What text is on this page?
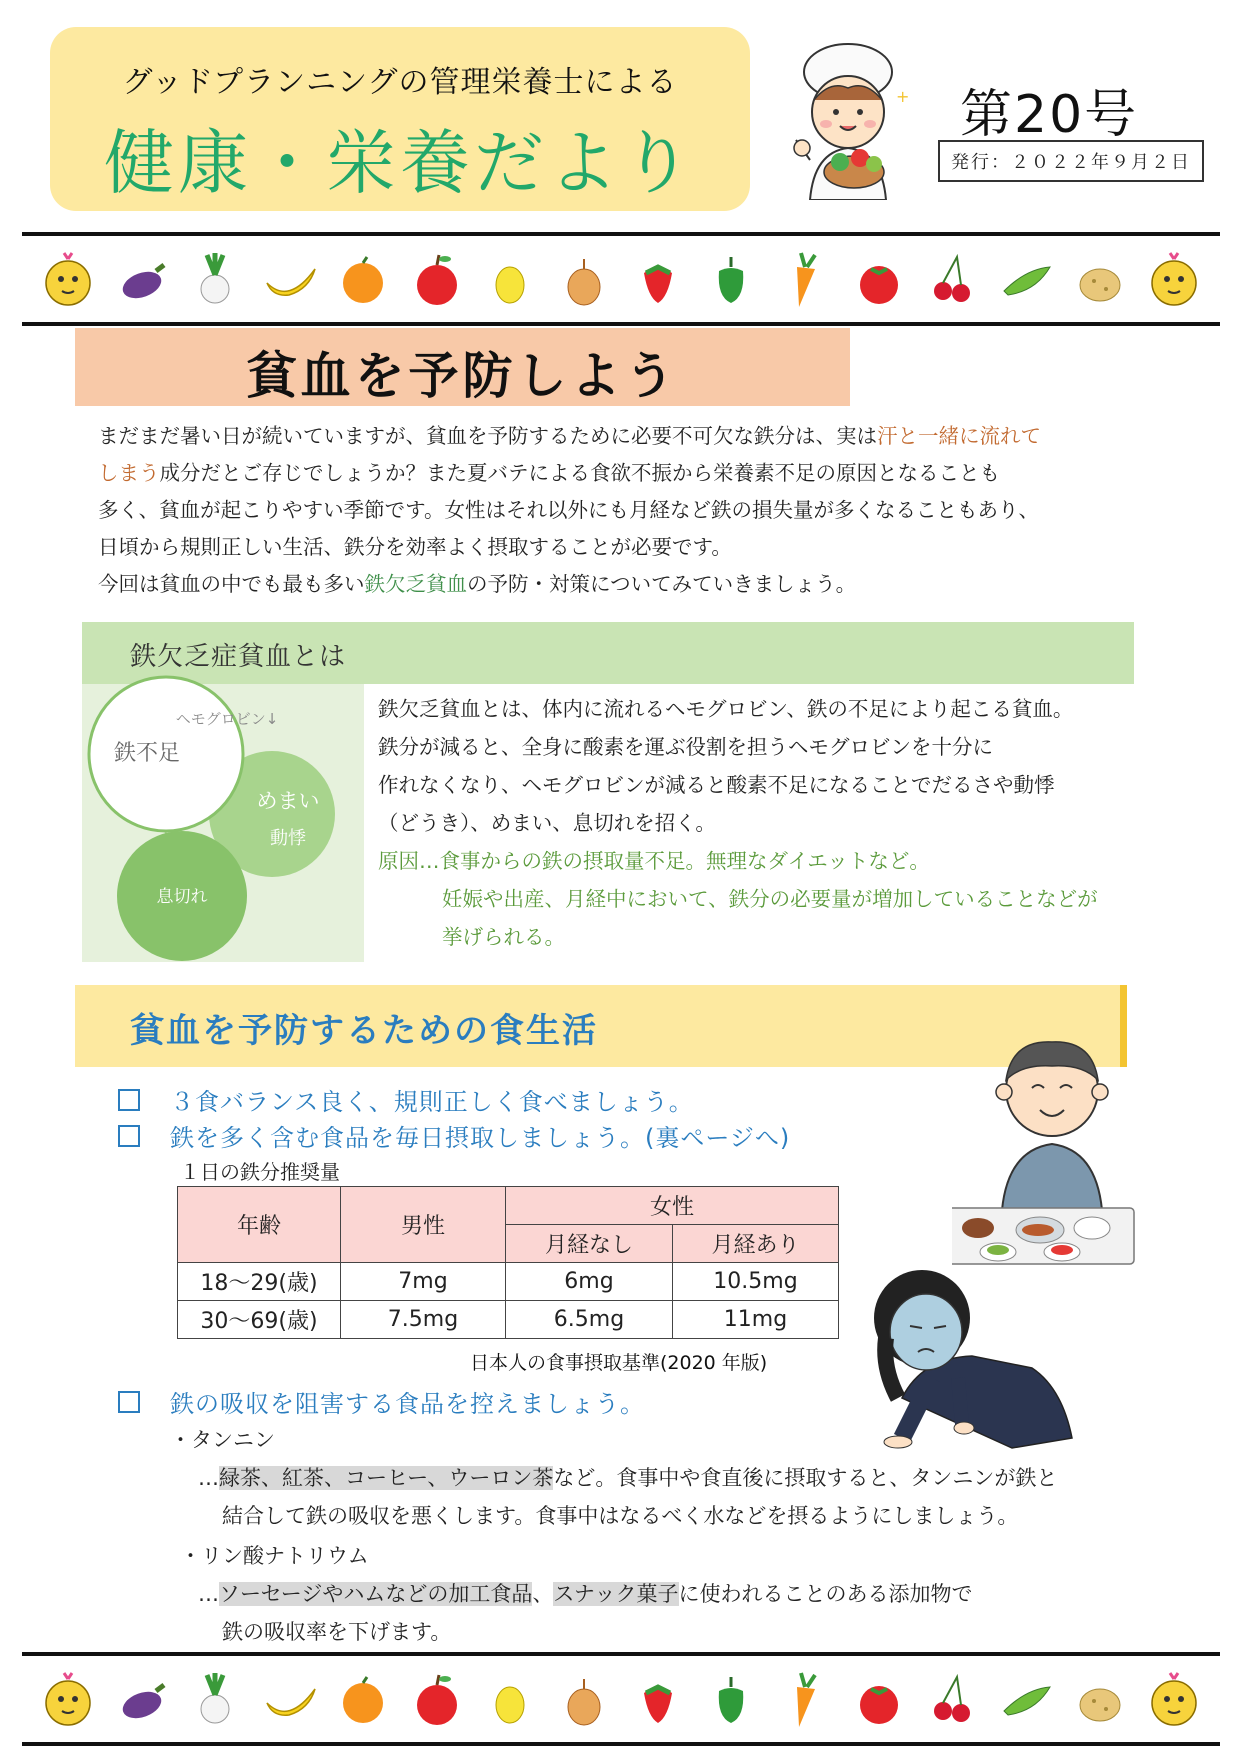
グッドプランニングの管理栄養士による
健康・栄養だより
+ 第20号
発行：２０２２年９月２日
貧血を予防しよう

まだまだ暑い日が続いていますが、貧血を予防するために必要不可欠な鉄分は、実は汗と一緒に流れて

しまう成分だとご存じでしょうか？また夏バテによる食欲不振から栄養素不足の原因となることも

多く、貧血が起こりやすい季節です。女性はそれ以外にも月経など鉄の損失量が多くなることもあり、

日頃から規則正しい生活、鉄分を効率よく摂取することが必要です。

今回は貧血の中でも最も多い鉄欠乏貧血の予防・対策についてみていきましょう。

鉄欠乏症貧血とは
ヘモグロビン↓
鉄不足
めまい
動悸
息切れ

鉄欠乏貧血とは、体内に流れるヘモグロビン、鉄の不足により起こる貧血。

鉄分が減ると、全身に酸素を運ぶ役割を担うヘモグロビンを十分に

作れなくなり、ヘモグロビンが減ると酸素不足になることでだるさや動悸

（どうき）、めまい、息切れを招く。

原因…食事からの鉄の摂取量不足。無理なダイエットなど。

妊娠や出産、月経中において、鉄分の必要量が増加していることなどが

挙げられる。

貧血を予防するための食生活
３食バランス良く、規則正しく食べましょう。
鉄を多く含む食品を毎日摂取しましょう。(裏ページへ)
１日の鉄分推奨量
年齢	男性	女性	
		月経なし	月経あり
18～29(歳)	7mg	6mg	10.5mg
30～69(歳)	7.5mg	6.5mg	11mg
日本人の食事摂取基準(2020 年版)
鉄の吸収を阻害する食品を控えましょう。
・タンニン
…緑茶、紅茶、コーヒー、ウーロン茶など。食事中や食直後に摂取すると、タンニンが鉄と
結合して鉄の吸収を悪くします。食事中はなるべく水などを摂るようにしましょう。
・リン酸ナトリウム
…ソーセージやハムなどの加工食品、スナック菓子に使われることのある添加物で
鉄の吸収率を下げます。
